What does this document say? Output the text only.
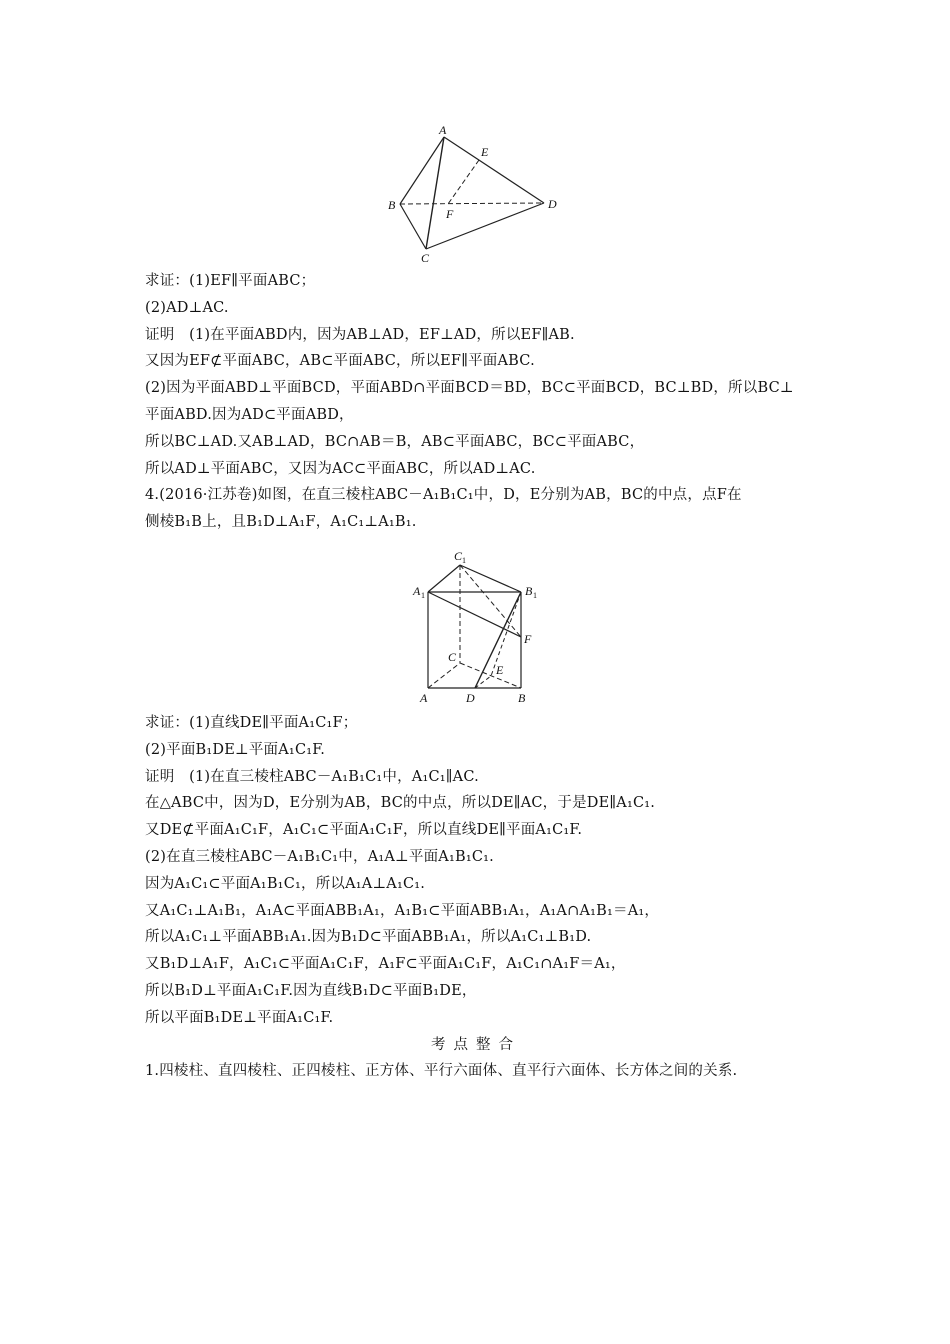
A
B
C
D
E
F
求证：(1)EF∥平面ABC；
(2)AD⊥AC.
证明　(1)在平面ABD内，因为AB⊥AD，EF⊥AD，所以EF∥AB.
又因为EF⊄平面ABC，AB⊂平面ABC，所以EF∥平面ABC.
(2)因为平面ABD⊥平面BCD，平面ABD∩平面BCD＝BD，BC⊂平面BCD，BC⊥BD，所以BC⊥
平面ABD.因为AD⊂平面ABD，
所以BC⊥AD.又AB⊥AD，BC∩AB＝B，AB⊂平面ABC，BC⊂平面ABC，
所以AD⊥平面ABC，又因为AC⊂平面ABC，所以AD⊥AC.
4.(2016·江苏卷)如图，在直三棱柱ABC－A₁B₁C₁中，D，E分别为AB，BC的中点，点F在
侧棱B₁B上，且B₁D⊥A₁F，A₁C₁⊥A₁B₁.
C 1
A 1	B 1
F
C
E
A	D	B
求证：(1)直线DE∥平面A₁C₁F；
(2)平面B₁DE⊥平面A₁C₁F.
证明　(1)在直三棱柱ABC－A₁B₁C₁中，A₁C₁∥AC.
在△ABC中，因为D，E分别为AB，BC的中点，所以DE∥AC，于是DE∥A₁C₁.
又DE⊄平面A₁C₁F，A₁C₁⊂平面A₁C₁F，所以直线DE∥平面A₁C₁F.
(2)在直三棱柱ABC－A₁B₁C₁中，A₁A⊥平面A₁B₁C₁.
因为A₁C₁⊂平面A₁B₁C₁，所以A₁A⊥A₁C₁.
又A₁C₁⊥A₁B₁，A₁A⊂平面ABB₁A₁，A₁B₁⊂平面ABB₁A₁，A₁A∩A₁B₁＝A₁，
所以A₁C₁⊥平面ABB₁A₁.因为B₁D⊂平面ABB₁A₁，所以A₁C₁⊥B₁D.
又B₁D⊥A₁F，A₁C₁⊂平面A₁C₁F，A₁F⊂平面A₁C₁F，A₁C₁∩A₁F＝A₁，
所以B₁D⊥平面A₁C₁F.因为直线B₁D⊂平面B₁DE，
所以平面B₁DE⊥平面A₁C₁F.
考点整合
1.四棱柱、直四棱柱、正四棱柱、正方体、平行六面体、直平行六面体、长方体之间的关系.
